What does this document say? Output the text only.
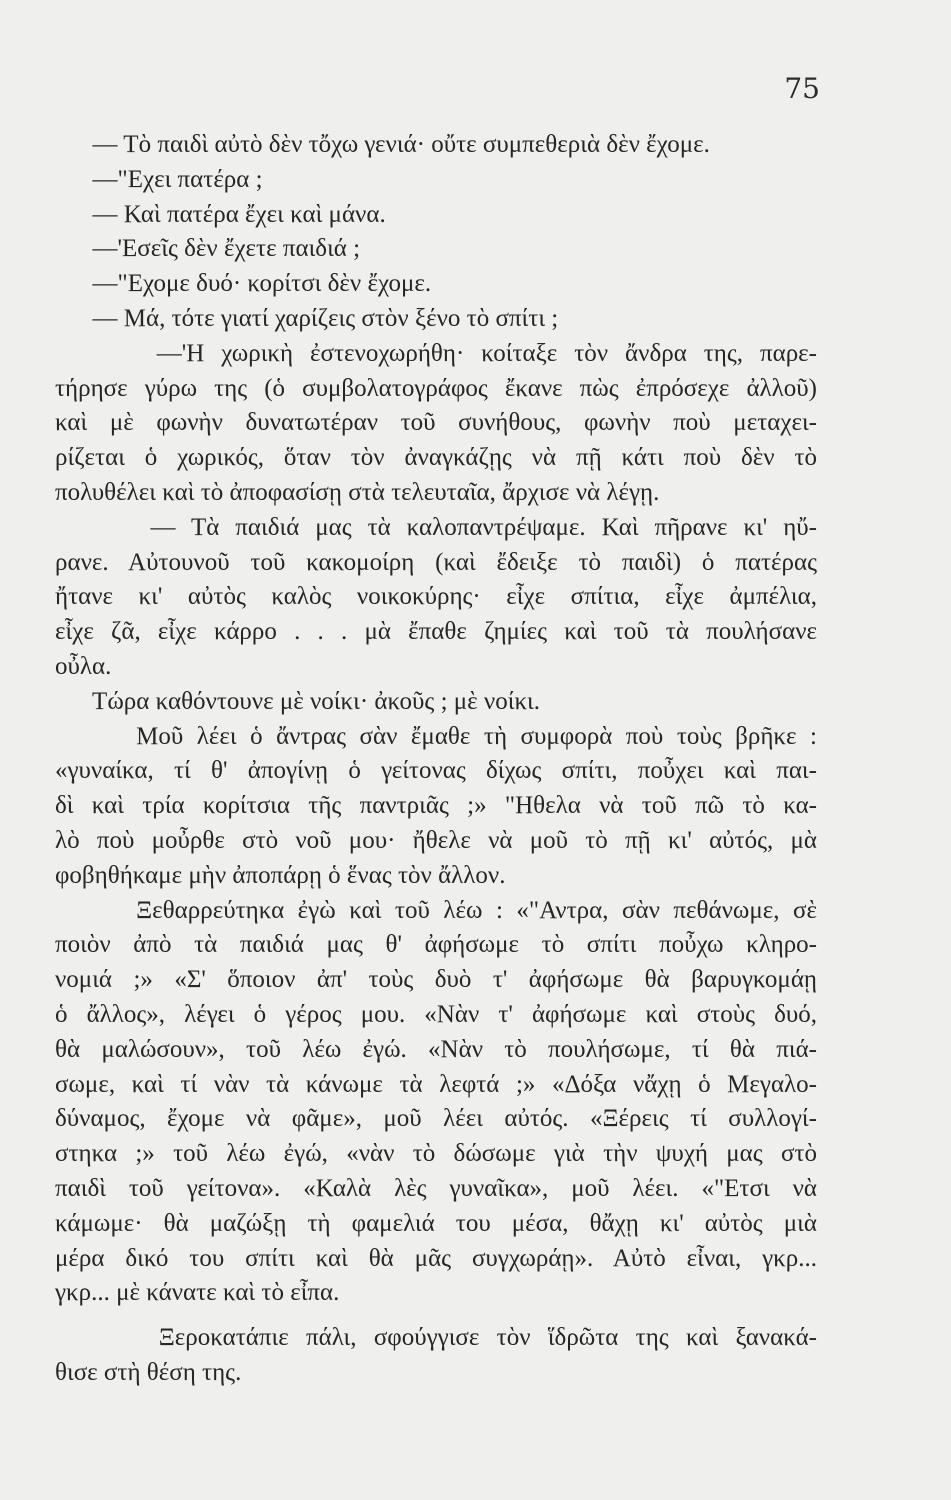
75
— Τὸ παιδὶ αὐτὸ δὲν τὄχω γενιά· οὔτε συμπεθεριὰ δὲν ἔχομε.
—"Εχει πατέρα ;
— Καὶ πατέρα ἔχει καὶ μάνα.
—'Εσεῖς δὲν ἔχετε παιδιά ;
—"Εχομε δυό· κορίτσι δὲν ἔχομε.
— Μά, τότε γιατί χαρίζεις στὸν ξένο τὸ σπίτι ;
—'Η χωρικὴ ἐστενοχωρήθη· κοίταξε τὸν ἄνδρα της, παρε-
τήρησε γύρω της (ὁ συμβολατογράφος ἔκανε πὼς ἐπρόσεχε ἀλλοῦ)
καὶ μὲ φωνὴν δυνατωτέραν τοῦ συνήθους, φωνὴν ποὺ μεταχει-
ρίζεται ὁ χωρικός, ὅταν τὸν ἀναγκάζῃς νὰ πῇ κάτι ποὺ δὲν τὸ
πολυθέλει καὶ τὸ ἀποφασίσῃ στὰ τελευταῖα, ἄρχισε νὰ λέγῃ.
— Τὰ παιδιά μας τὰ καλοπαντρέψαμε. Καὶ πῆρανε κι' ηὔ-
ρανε. Αὐτουνοῦ τοῦ κακομοίρη (καὶ ἔδειξε τὸ παιδὶ) ὁ πατέρας
ἤτανε κι' αὐτὸς καλὸς νοικοκύρης· εἶχε σπίτια, εἶχε ἀμπέλια,
εἶχε ζᾶ, εἶχε κάρρο . . . μὰ ἔπαθε ζημίες καὶ τοῦ τὰ πουλήσανε
οὖλα.
Τώρα καθόντουνε μὲ νοίκι· ἀκοῦς ; μὲ νοίκι.
Μοῦ λέει ὁ ἄντρας σὰν ἔμαθε τὴ συμφορὰ ποὺ τοὺς βρῆκε :
«γυναίκα, τί θ' ἀπογίνῃ ὁ γείτονας δίχως σπίτι, ποὖχει καὶ παι-
δὶ καὶ τρία κορίτσια τῆς παντριᾶς ;» "Ηθελα νὰ τοῦ πῶ τὸ κα-
λὸ ποὺ μοὖρθε στὸ νοῦ μου· ἤθελε νὰ μοῦ τὸ πῇ κι' αὐτός, μὰ
φοβηθήκαμε μὴν ἀποπάρῃ ὁ ἕνας τὸν ἄλλον.
Ξεθαρρεύτηκα ἐγὼ καὶ τοῦ λέω : «"Αντρα, σὰν πεθάνωμε, σὲ
ποιὸν ἀπὸ τὰ παιδιά μας θ' ἀφήσωμε τὸ σπίτι ποὖχω κληρο-
νομιά ;» «Σ' ὅποιον ἀπ' τοὺς δυὸ τ' ἀφήσωμε θὰ βαρυγκομάῃ
ὁ ἄλλος», λέγει ὁ γέρος μου. «Νὰν τ' ἀφήσωμε καὶ στοὺς δυό,
θὰ μαλώσουν», τοῦ λέω ἐγώ. «Νὰν τὸ πουλήσωμε, τί θὰ πιά-
σωμε, καὶ τί νὰν τὰ κάνωμε τὰ λεφτά ;» «Δόξα νἄχῃ ὁ Μεγαλο-
δύναμος, ἔχομε νὰ φᾶμε», μοῦ λέει αὐτός. «Ξέρεις τί συλλογί-
στηκα ;» τοῦ λέω ἐγώ, «νὰν τὸ δώσωμε γιὰ τὴν ψυχή μας στὸ
παιδὶ τοῦ γείτονα». «Καλὰ λὲς γυναῖκα», μοῦ λέει. «"Ετσι νὰ
κάμωμε· θὰ μαζώξῃ τὴ φαμελιά του μέσα, θἄχῃ κι' αὐτὸς μιὰ
μέρα δικό του σπίτι καὶ θὰ μᾶς συγχωράῃ». Αὐτὸ εἶναι, γκρ...
γκρ... μὲ κάνατε καὶ τὸ εἶπα.
Ξεροκατάπιε πάλι, σφούγγισε τὸν ἵδρῶτα της καὶ ξανακά-
θισε στὴ θέση της.
